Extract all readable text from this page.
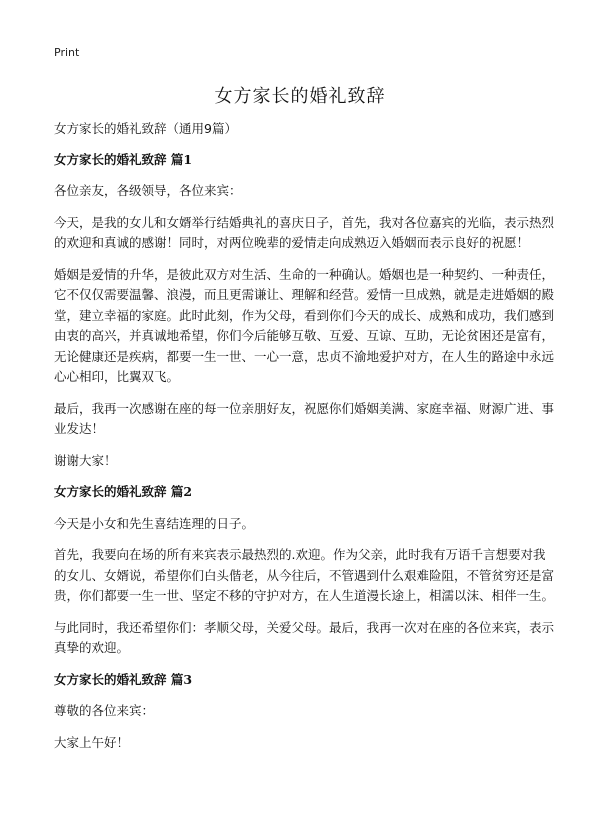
Print
女方家长的婚礼致辞

女方家长的婚礼致辞（通用9篇）

女方家长的婚礼致辞 篇1

各位亲友，各级领导，各位来宾：

今天，是我的女儿和女婿举行结婚典礼的喜庆日子，首先，我对各位嘉宾的光临，表示热烈的欢迎和真诚的感谢！同时，对两位晚辈的爱情走向成熟迈入婚姻而表示良好的祝愿！

婚姻是爱情的升华，是彼此双方对生活、生命的一种确认。婚姻也是一种契约、一种责任，它不仅仅需要温馨、浪漫，而且更需谦让、理解和经营。爱情一旦成熟，就是走进婚姻的殿堂，建立幸福的家庭。此时此刻，作为父母，看到你们今天的成长、成熟和成功，我们感到由衷的高兴，并真诚地希望，你们今后能够互敬、互爱、互谅、互助，无论贫困还是富有，无论健康还是疾病，都要一生一世、一心一意，忠贞不渝地爱护对方，在人生的路途中永远心心相印，比翼双飞。

最后，我再一次感谢在座的每一位亲朋好友，祝愿你们婚姻美满、家庭幸福、财源广进、事业发达！

谢谢大家！

女方家长的婚礼致辞 篇2

今天是小女和先生喜结连理的日子。

首先，我要向在场的所有来宾表示最热烈的.欢迎。作为父亲，此时我有万语千言想要对我的女儿、女婿说，希望你们白头偕老，从今往后，不管遇到什么艰难险阻，不管贫穷还是富贵，你们都要一生一世、坚定不移的守护对方，在人生道漫长途上，相濡以沫、相伴一生。

与此同时，我还希望你们：孝顺父母，关爱父母。最后，我再一次对在座的各位来宾，表示真挚的欢迎。

女方家长的婚礼致辞 篇3

尊敬的各位来宾：

大家上午好！
